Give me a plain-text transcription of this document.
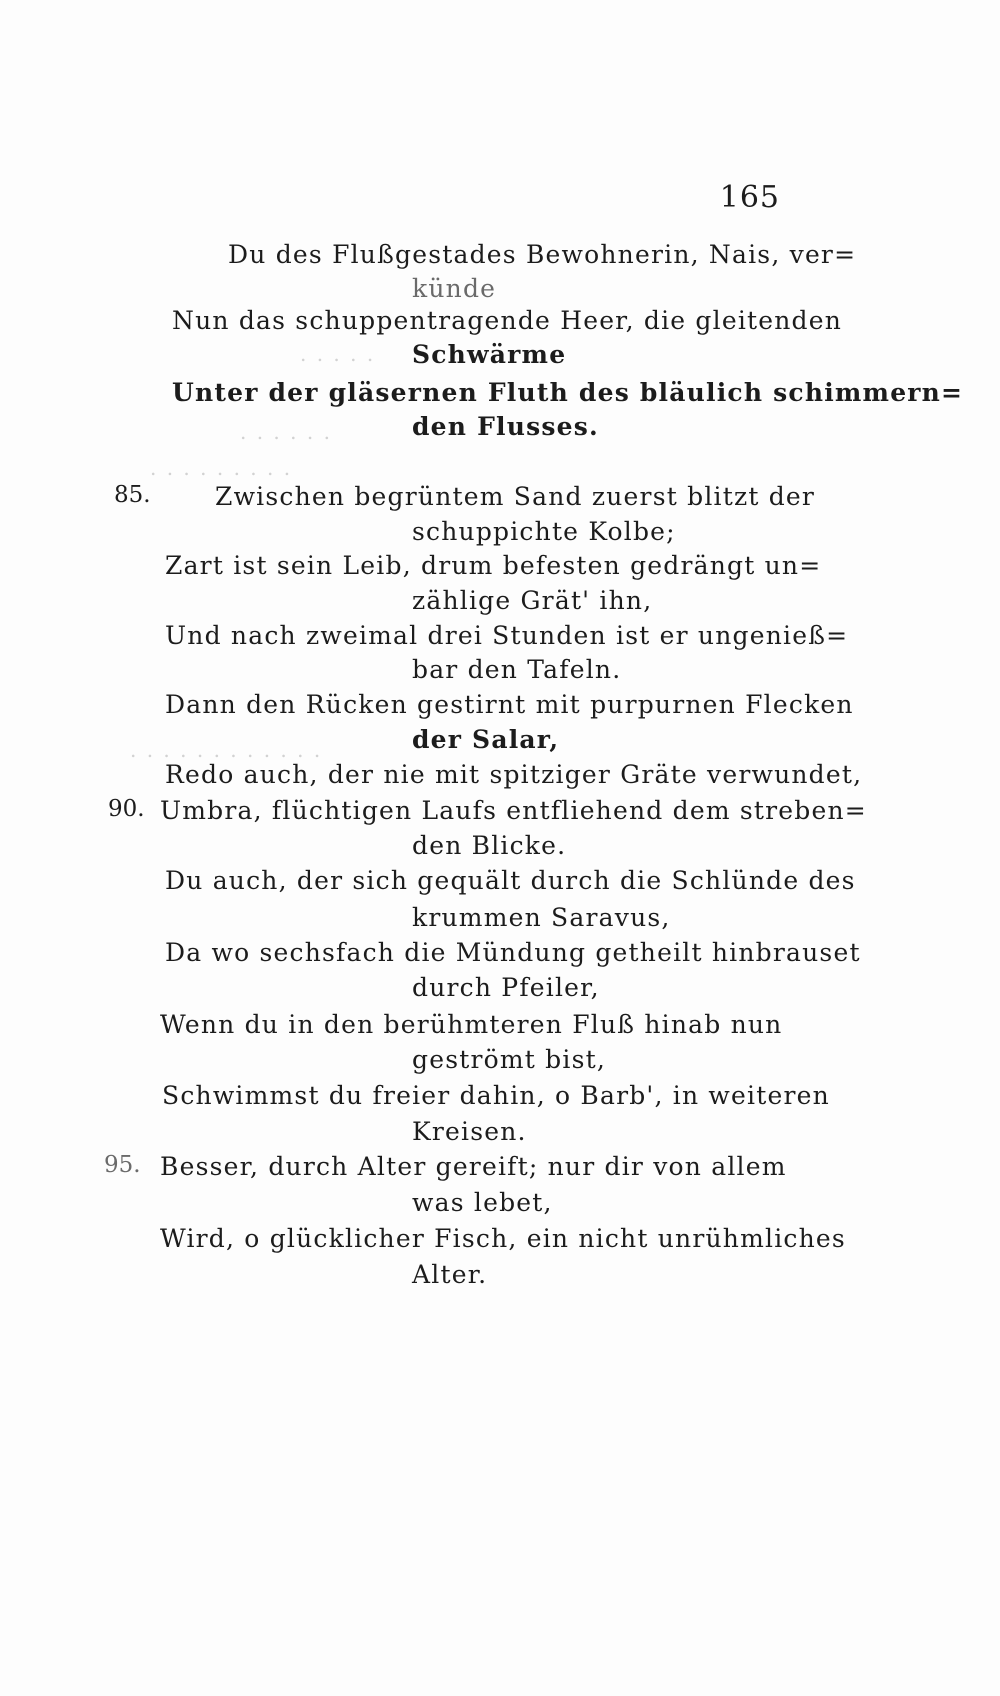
165
. . . . .
. . . . . .
. . . . . . . . .
. . . . . . . . . . . .
Du des Flußgestades Bewohnerin, Nais, ver=
künde
Nun das schuppentragende Heer, die gleitenden
Schwärme
Unter der gläsernen Fluth des bläulich schimmern=
den Flusses.
85.	Zwischen begrüntem Sand zuerst blitzt der
schuppichte Kolbe;
Zart ist sein Leib, drum befesten gedrängt un=
zählige Grät' ihn,
Und nach zweimal drei Stunden ist er ungenieß=
bar den Tafeln.
Dann den Rücken gestirnt mit purpurnen Flecken
der Salar,
Redo auch, der nie mit spitziger Gräte verwundet,
90. Umbra, flüchtigen Laufs entfliehend dem streben=
den Blicke.
Du auch, der sich gequält durch die Schlünde des
krummen Saravus,
Da wo sechsfach die Mündung getheilt hinbrauset
durch Pfeiler,
Wenn du in den berühmteren Fluß hinab nun
geströmt bist,
Schwimmst du freier dahin, o Barb', in weiteren
Kreisen.
95. Besser, durch Alter gereift; nur dir von allem
was lebet,
Wird, o glücklicher Fisch, ein nicht unrühmliches
Alter.
